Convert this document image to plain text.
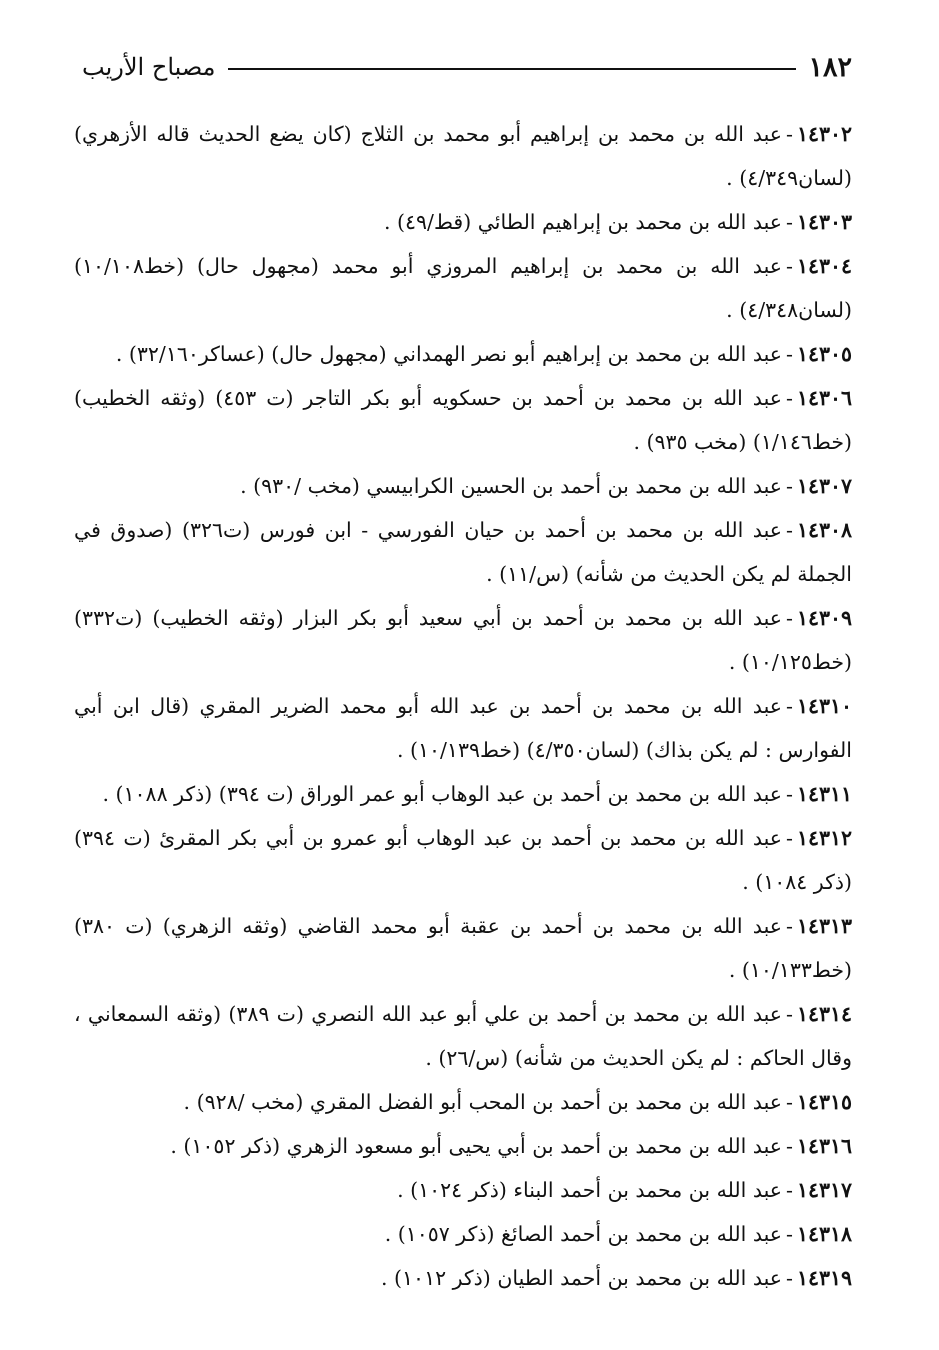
١٨٢
مصباح الأريب

١٤٣٠٢-عبد الله بن محمد بن إبراهيم أبو محمد بن الثلاج (كان يضع الحديث قاله الأزهري) (لسان٤/٣٤٩) .

١٤٣٠٣-عبد الله بن محمد بن إبراهيم الطائي (قط/٤٩) .

١٤٣٠٤-عبد الله بن محمد بن إبراهيم المروزي أبو محمد (مجهول حال) (خط١٠/١٠٨) (لسان٤/٣٤٨) .

١٤٣٠٥-عبد الله بن محمد بن إبراهيم أبو نصر الهمداني (مجهول حال) (عساكر٣٢/١٦٠) .

١٤٣٠٦-عبد الله بن محمد بن أحمد بن حسكويه أبو بكر التاجر (ت ٤٥٣) (وثقه الخطيب) (خط١/١٤٦) (مخب ٩٣٥) .

١٤٣٠٧-عبد الله بن محمد بن أحمد بن الحسين الكرابيسي (مخب /٩٣٠) .

١٤٣٠٨-عبد الله بن محمد بن أحمد بن حيان الفورسي - ابن فورس (ت٣٢٦) (صدوق في الجملة لم يكن الحديث من شأنه) (س/١١) .

١٤٣٠٩-عبد الله بن محمد بن أحمد بن أبي سعيد أبو بكر البزار (وثقه الخطيب) (ت٣٣٢) (خط١٠/١٢٥) .

١٤٣١٠-عبد الله بن محمد بن أحمد بن عبد الله أبو محمد الضرير المقري (قال ابن أبي الفوارس : لم يكن بذاك) (لسان٤/٣٥٠) (خط١٠/١٣٩) .

١٤٣١١-عبد الله بن محمد بن أحمد بن عبد الوهاب أبو عمر الوراق (ت ٣٩٤) (ذكر ١٠٨٨) .

١٤٣١٢-عبد الله بن محمد بن أحمد بن عبد الوهاب أبو عمرو بن أبي بكر المقرئ (ت ٣٩٤) (ذكر ١٠٨٤) .

١٤٣١٣-عبد الله بن محمد بن أحمد بن عقبة أبو محمد القاضي (وثقه الزهري) (ت ٣٨٠) (خط١٠/١٣٣) .

١٤٣١٤-عبد الله بن محمد بن أحمد بن علي أبو عبد الله النصري (ت ٣٨٩) (وثقه السمعاني ، وقال الحاكم : لم يكن الحديث من شأنه) (س/٢٦) .

١٤٣١٥-عبد الله بن محمد بن أحمد بن المحب أبو الفضل المقري (مخب /٩٢٨) .

١٤٣١٦-عبد الله بن محمد بن أحمد بن أبي يحيى أبو مسعود الزهري (ذكر ١٠٥٢) .

١٤٣١٧-عبد الله بن محمد بن أحمد البناء (ذكر ١٠٢٤) .

١٤٣١٨-عبد الله بن محمد بن أحمد الصائغ (ذكر ١٠٥٧) .

١٤٣١٩-عبد الله بن محمد بن أحمد الطيان (ذكر ١٠١٢) .
